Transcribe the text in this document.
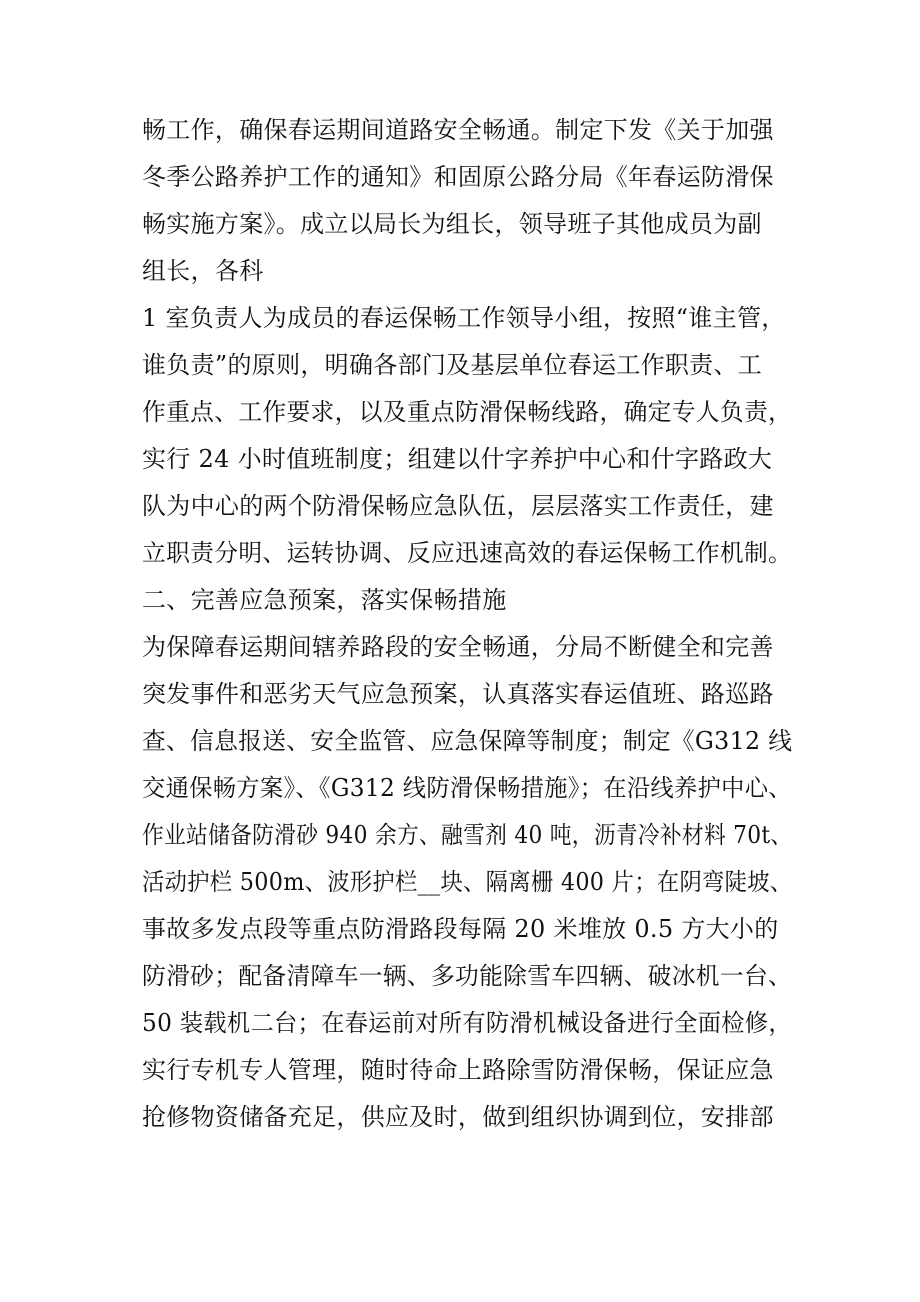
畅工作，确保春运期间道路安全畅通。制定下发《关于加强
冬季公路养护工作的通知》和固原公路分局《年春运防滑保
畅实施方案》。成立以局长为组长，领导班子其他成员为副
组长，各科
1 室负责人为成员的春运保畅工作领导小组，按照“谁主管，
谁负责”的原则，明确各部门及基层单位春运工作职责、工
作重点、工作要求，以及重点防滑保畅线路，确定专人负责，
实行 24 小时值班制度；组建以什字养护中心和什字路政大
队为中心的两个防滑保畅应急队伍，层层落实工作责任，建
立职责分明、运转协调、反应迅速高效的春运保畅工作机制。
二、完善应急预案，落实保畅措施
为保障春运期间辖养路段的安全畅通，分局不断健全和完善
突发事件和恶劣天气应急预案，认真落实春运值班、路巡路
查、信息报送、安全监管、应急保障等制度；制定《G312 线
交通保畅方案》、《G312 线防滑保畅措施》；在沿线养护中心、
作业站储备防滑砂 940 余方、融雪剂 40 吨，沥青冷补材料 70t、
活动护栏 500m、波形护栏__块、隔离栅 400 片；在阴弯陡坡、
事故多发点段等重点防滑路段每隔 20 米堆放 0.5 方大小的
防滑砂；配备清障车一辆、多功能除雪车四辆、破冰机一台、
50 装载机二台；在春运前对所有防滑机械设备进行全面检修，
实行专机专人管理，随时待命上路除雪防滑保畅，保证应急
抢修物资储备充足，供应及时，做到组织协调到位，安排部
